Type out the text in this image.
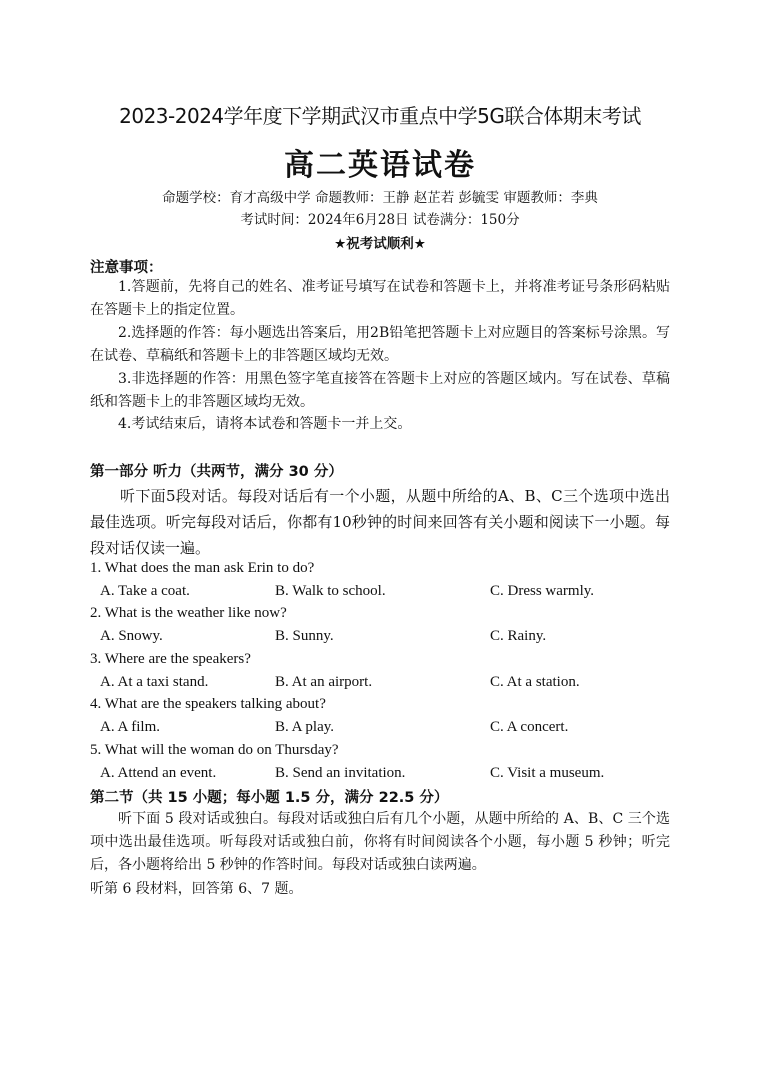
2023-2024学年度下学期武汉市重点中学5G联合体期末考试
高二英语试卷
命题学校：育才高级中学 命题教师：王静 赵芷若 彭毓雯 审题教师：李典
考试时间：2024年6月28日 试卷满分：150分
★祝考试顺利★
注意事项：
1.答题前，先将自己的姓名、准考证号填写在试卷和答题卡上，并将准考证号条形码粘贴在答题卡上的指定位置。
2.选择题的作答：每小题选出答案后，用2B铅笔把答题卡上对应题目的答案标号涂黑。写在试卷、草稿纸和答题卡上的非答题区域均无效。
3.非选择题的作答：用黑色签字笔直接答在答题卡上对应的答题区域内。写在试卷、草稿纸和答题卡上的非答题区域均无效。
4.考试结束后，请将本试卷和答题卡一并上交。
第一部分 听力（共两节，满分 30 分）
听下面5段对话。每段对话后有一个小题，从题中所给的A、B、C三个选项中选出最佳选项。听完每段对话后，你都有10秒钟的时间来回答有关小题和阅读下一小题。每段对话仅读一遍。
1. What does the man ask Erin to do?
A. Take a coat.	B. Walk to school.	C. Dress warmly.
2. What is the weather like now?
A. Snowy.	B. Sunny.	C. Rainy.
3. Where are the speakers?
A. At a taxi stand.	B. At an airport.	C. At a station.
4. What are the speakers talking about?
A. A film.	B. A play.	C. A concert.
5. What will the woman do on Thursday?
A. Attend an event.	B. Send an invitation.	C. Visit a museum.
第二节（共 15 小题；每小题 1.5 分，满分 22.5 分）
听下面 5 段对话或独白。每段对话或独白后有几个小题，从题中所给的 A、B、C 三个选项中选出最佳选项。听每段对话或独白前，你将有时间阅读各个小题，每小题 5 秒钟；听完后，各小题将给出 5 秒钟的作答时间。每段对话或独白读两遍。
听第 6 段材料，回答第 6、7 题。
